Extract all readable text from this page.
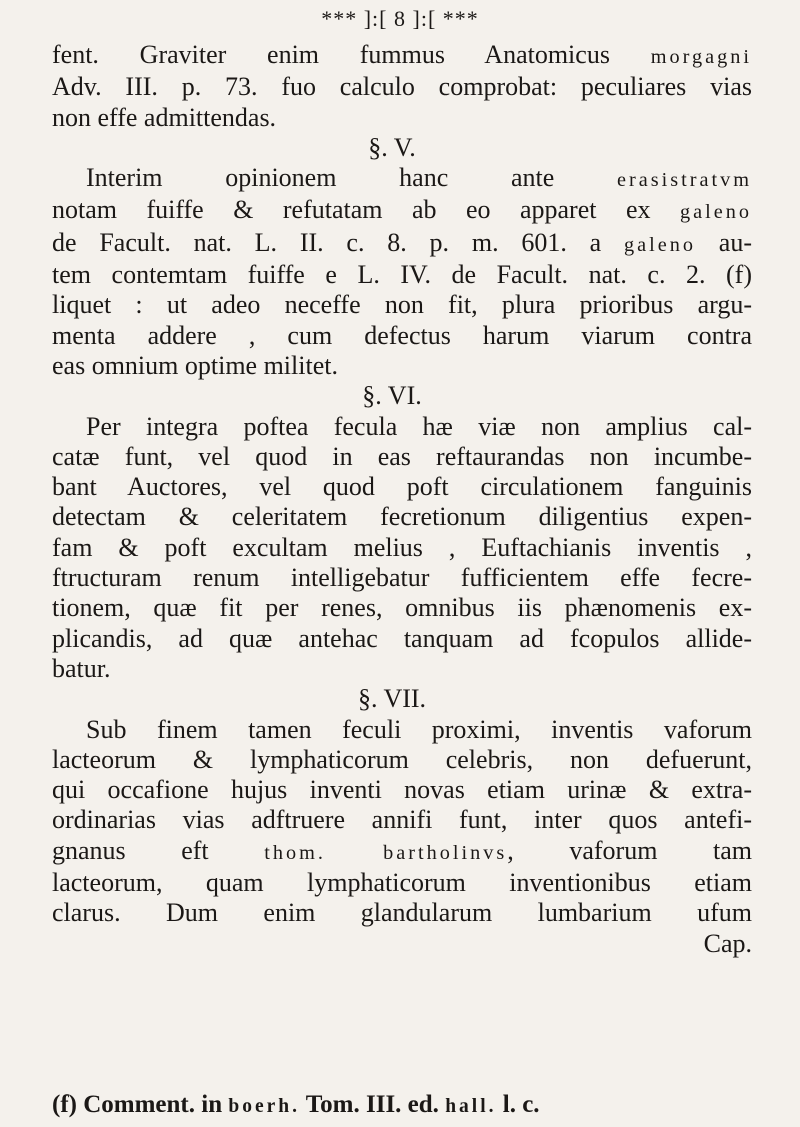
*** ]:[ 8 ]:[ ***
fent. Graviter enim fummus Anatomicus morgagni
Adv. III. p. 73. fuo calculo comprobat: peculiares vias
non effe admittendas.
§. V.
Interim opinionem hanc ante erasistratvm
notam fuiffe & refutatam ab eo apparet ex galeno
de Facult. nat. L. II. c. 8. p. m. 601. a galeno au-
tem contemtam fuiffe e L. IV. de Facult. nat. c. 2. (f)
liquet : ut adeo neceffe non fit, plura prioribus argu-
menta addere , cum defectus harum viarum contra
eas omnium optime militet.
§. VI.
Per integra poftea fecula hæ viæ non amplius cal-
catæ funt, vel quod in eas reftaurandas non incumbe-
bant Auctores, vel quod poft circulationem fanguinis
detectam & celeritatem fecretionum diligentius expen-
fam & poft excultam melius , Euftachianis inventis ,
ftructuram renum intelligebatur fufficientem effe fecre-
tionem, quæ fit per renes, omnibus iis phænomenis ex-
plicandis, ad quæ antehac tanquam ad fcopulos allide-
batur.
§. VII.
Sub finem tamen feculi proximi, inventis vaforum
lacteorum & lymphaticorum celebris, non defuerunt,
qui occafione hujus inventi novas etiam urinæ & extra-
ordinarias vias adftruere annifi funt, inter quos antefi-
gnanus eft thom. bartholinvs, vaforum tam
lacteorum, quam lymphaticorum inventionibus etiam
clarus. Dum enim glandularum lumbarium ufum
Cap.
(f) Comment. in boerh. Tom. III. ed. hall. l. c.
